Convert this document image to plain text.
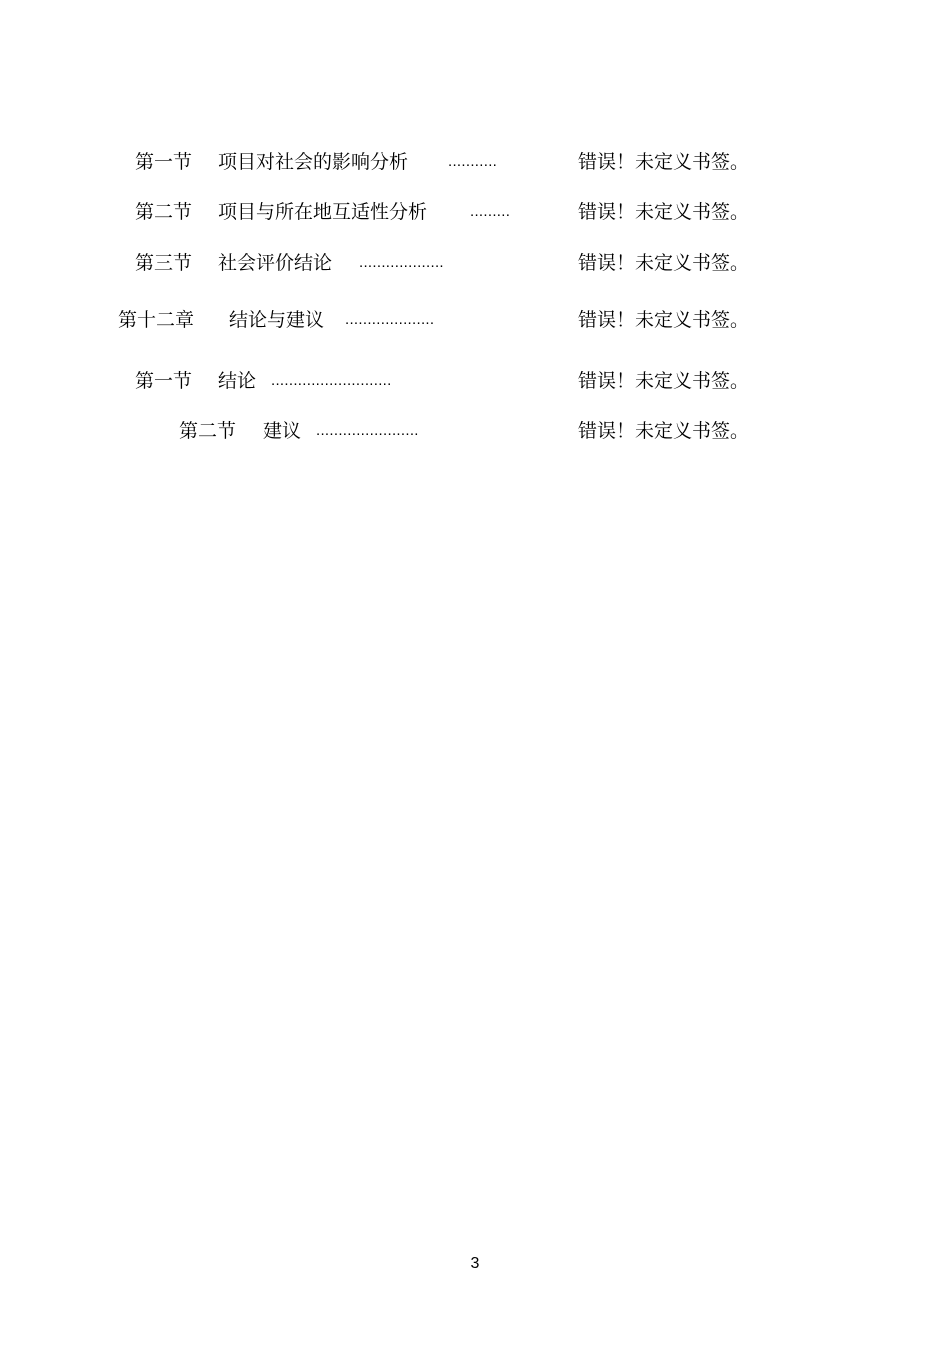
第一节 项目对社会的影响分析	...........	错误！未定义书签。
第二节 项目与所在地互适性分析	.........	错误！未定义书签。
第三节 社会评价结论 ...................	错误！未定义书签。
第十二章 结论与建议 ....................	错误！未定义书签。
第一节 结论 ...........................	错误！未定义书签。
第二节 建议 .......................	错误！未定义书签。
3
